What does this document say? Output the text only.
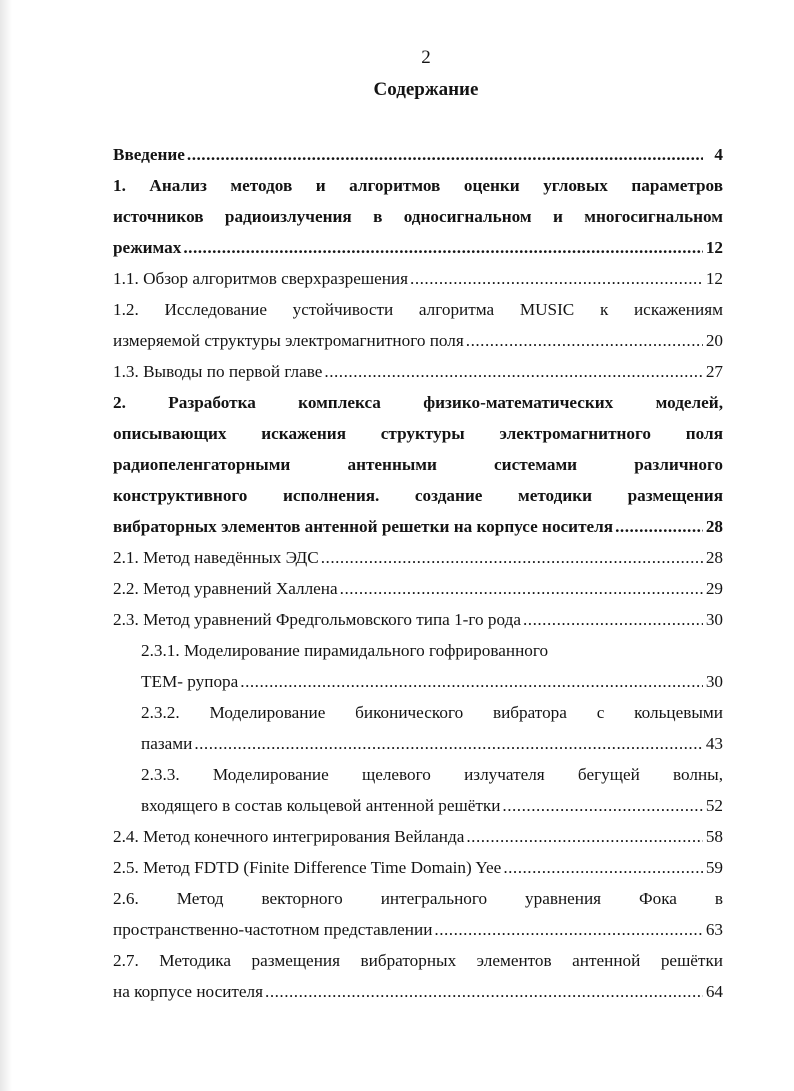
2
Содержание
Введение .....	4
1. Анализ методов и алгоритмов оценки угловых параметров
источников радиоизлучения в односигнальном и многосигнальном
режимах .....	12
1.1. Обзор алгоритмов сверхразрешения .....	12
1.2. Исследование устойчивости алгоритма MUSIC к искажениям
измеряемой структуры электромагнитного поля .....	20
1.3. Выводы по первой главе .....	27
2. Разработка комплекса физико-математических моделей,
описывающих искажения структуры электромагнитного поля
радиопеленгаторными антенными системами различного
конструктивного исполнения. создание методики размещения
вибраторных элементов антенной решетки на корпусе носителя .....	28
2.1. Метод наведённых ЭДС .....	28
2.2. Метод уравнений Халлена .....	29
2.3. Метод уравнений Фредгольмовского типа 1-го рода .....	30
2.3.1. Моделирование пирамидального гофрированного
ТЕМ- рупора .....	30
2.3.2. Моделирование биконического вибратора с кольцевыми
пазами .....	43
2.3.3. Моделирование щелевого излучателя бегущей волны,
входящего в состав кольцевой антенной решётки .....	52
2.4. Метод конечного интегрирования Вейланда .....	58
2.5. Метод FDTD (Finite Difference Time Domain) Yee .....	59
2.6. Метод векторного интегрального уравнения Фока в
пространственно-частотном представлении .....	63
2.7. Методика размещения вибраторных элементов антенной решётки
на корпусе носителя .....	64
